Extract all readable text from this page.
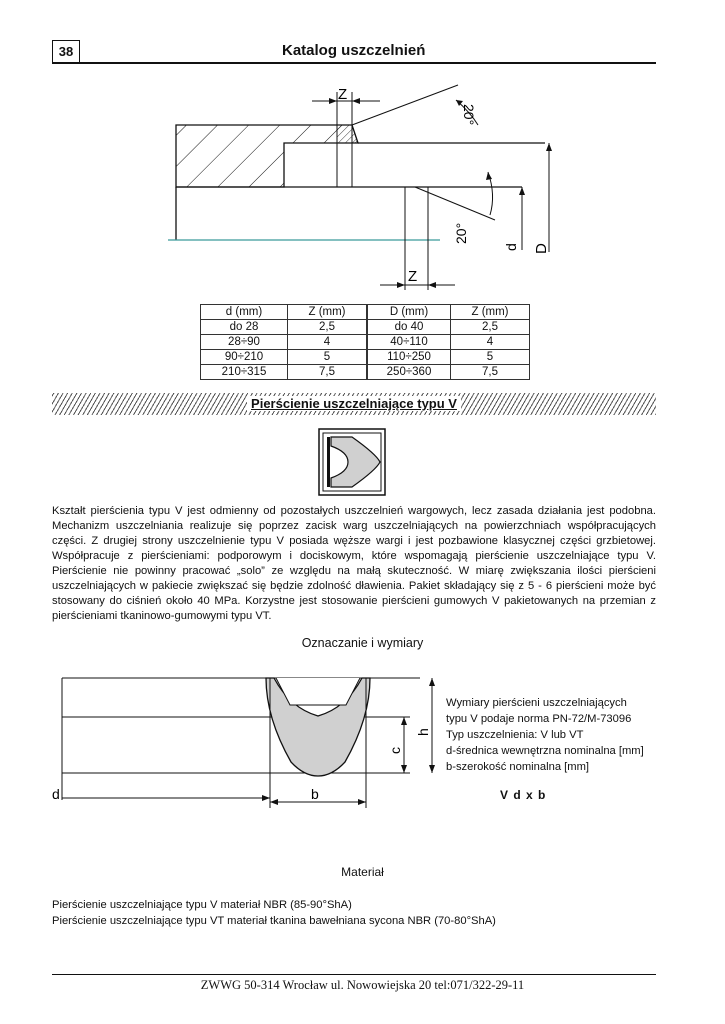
38	Katalog uszczelnień
Z
20°
20°
d D
Z
d (mm)	Z (mm)	D (mm)	Z (mm)
do 28	2,5	do 40	2,5
28÷90	4	40÷110	4
90÷210	5	110÷250	5
210÷315	7,5	250÷360	7,5
Pierścienie uszczelniające typu V

Kształt pierścienia typu V jest odmienny od pozostałych uszczelnień wargowych, lecz zasada działania jest podobna. Mechanizm uszczelniania realizuje się poprzez zacisk warg uszczelniających na powierzchniach współpracujących części. Z drugiej strony uszczelnienie typu V posiada węższe wargi i jest pozbawione klasycznej części grzbietowej. Współpracuje z pierścieniami: podporowym i dociskowym, które wspomagają pierścienie uszczelniające typu V. Pierścienie nie powinny pracować „solo” ze względu na małą skuteczność. W miarę zwiększania ilości pierścieni uszczelniających w pakiecie zwiększać się będzie zdolność dławienia. Pakiet składający się z 5 - 6 pierścieni może być stosowany do ciśnień około 40 MPa. Korzystne jest stosowanie pierścieni gumowych V pakietowanych na przemian z pierścieniami tkaninowo-gumowymi typu VT.

Oznaczanie i wymiary
d	b
c
h
Wymiary pierścieni uszczelniających
typu V podaje norma PN-72/M-73096
Typ uszczelnienia: V lub VT
d-średnica wewnętrzna nominalna [mm]
b-szerokość nominalna [mm]
V d x b
Materiał
Pierścienie uszczelniające typu V materiał NBR (85-90°ShA)
Pierścienie uszczelniające typu VT materiał tkanina bawełniana sycona NBR (70-80°ShA)
ZWWG 50-314 Wrocław ul. Nowowiejska 20 tel:071/322-29-11
